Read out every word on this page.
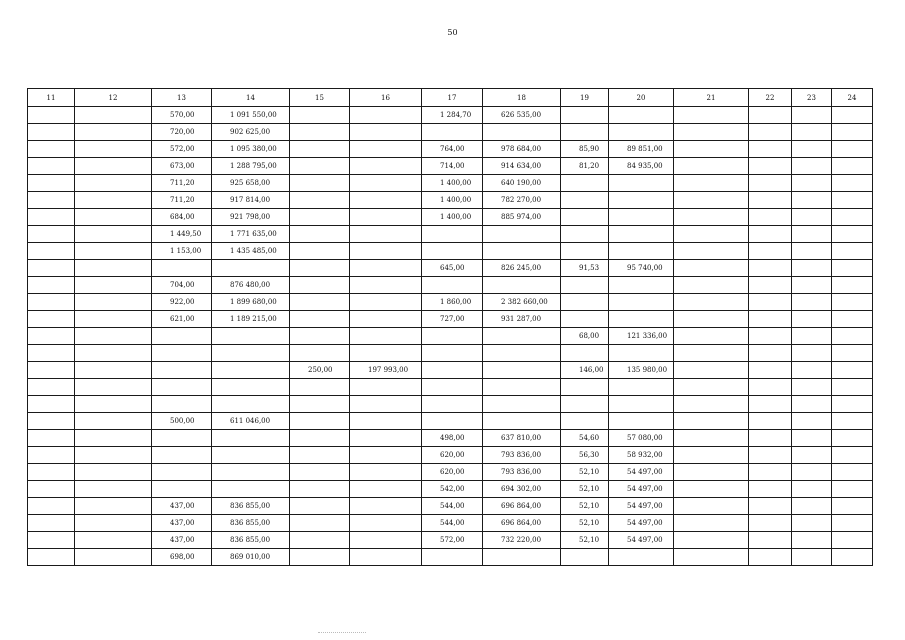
50
11	12	13	14	15	16	17	18	19	20	21	22	23	24
		570,00	1 091 550,00			1 284,70	626 535,00						
		720,00	902 625,00										
		572,00	1 095 380,00			764,00	978 684,00	85,90	89 851,00				
		673,00	1 288 795,00			714,00	914 634,00	81,20	84 935,00				
		711,20	925 658,00			1 400,00	640 190,00						
		711,20	917 814,00			1 400,00	782 270,00						
		684,00	921 798,00			1 400,00	885 974,00						
		1 449,50	1 771 635,00										
		1 153,00	1 435 485,00										
						645,00	826 245,00	91,53	95 740,00				
		704,00	876 480,00										
		922,00	1 899 680,00			1 860,00	2 382 660,00						
		621,00	1 189 215,00			727,00	931 287,00						
								68,00	121 336,00				

				250,00	197 993,00			146,00	135 980,00				

		500,00	611 046,00										
						498,00	637 810,00	54,60	57 080,00				
						620,00	793 836,00	56,30	58 932,00				
						620,00	793 836,00	52,10	54 497,00				
						542,00	694 302,00	52,10	54 497,00				
		437,00	836 855,00			544,00	696 864,00	52,10	54 497,00				
		437,00	836 855,00			544,00	696 864,00	52,10	54 497,00				
		437,00	836 855,00			572,00	732 220,00	52,10	54 497,00				
		698,00	869 010,00										
